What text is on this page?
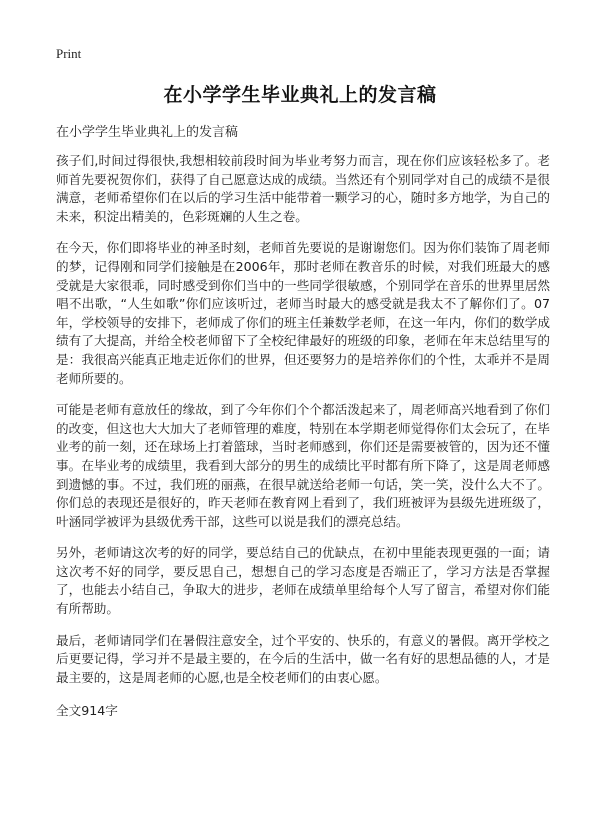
Print
在小学学生毕业典礼上的发言稿
在小学学生毕业典礼上的发言稿

孩子们,时间过得很快,我想相较前段时间为毕业考努力而言，现在你们应该轻松多了。老师首先要祝贺你们，获得了自己愿意达成的成绩。当然还有个别同学对自己的成绩不是很满意，老师希望你们在以后的学习生活中能带着一颗学习的心，随时多方地学，为自己的未来，积淀出精美的，色彩斑斓的人生之卷。

在今天，你们即将毕业的神圣时刻，老师首先要说的是谢谢您们。因为你们装饰了周老师的梦，记得刚和同学们接触是在2006年，那时老师在教音乐的时候，对我们班最大的感受就是大家很乖，同时感受到你们当中的一些同学很敏感，个别同学在音乐的世界里居然唱不出歌，“人生如歌”你们应该听过，老师当时最大的感受就是我太不了解你们了。07年，学校领导的安排下，老师成了你们的班主任兼数学老师，在这一年内，你们的数学成绩有了大提高，并给全校老师留下了全校纪律最好的班级的印象，老师在年末总结里写的是：我很高兴能真正地走近你们的世界，但还要努力的是培养你们的个性，太乖并不是周老师所要的。

可能是老师有意放任的缘故，到了今年你们个个都活泼起来了，周老师高兴地看到了你们的改变，但这也大大加大了老师管理的难度，特别在本学期老师觉得你们太会玩了，在毕业考的前一刻，还在球场上打着篮球，当时老师感到，你们还是需要被管的，因为还不懂事。在毕业考的成绩里，我看到大部分的男生的成绩比平时都有所下降了，这是周老师感到遗憾的事。不过，我们班的丽燕，在很早就送给老师一句话，笑一笑，没什么大不了。你们总的表现还是很好的，昨天老师在教育网上看到了，我们班被评为县级先进班级了，叶涵同学被评为县级优秀干部，这些可以说是我们的漂亮总结。

另外，老师请这次考的好的同学，要总结自己的优缺点，在初中里能表现更强的一面；请这次考不好的同学，要反思自己，想想自己的学习态度是否端正了，学习方法是否掌握了，也能去小结自己，争取大的进步，老师在成绩单里给每个人写了留言，希望对你们能有所帮助。

最后，老师请同学们在暑假注意安全，过个平安的、快乐的，有意义的暑假。离开学校之后更要记得，学习并不是最主要的，在今后的生活中，做一名有好的思想品德的人，才是最主要的，这是周老师的心愿,也是全校老师们的由衷心愿。

全文914字
